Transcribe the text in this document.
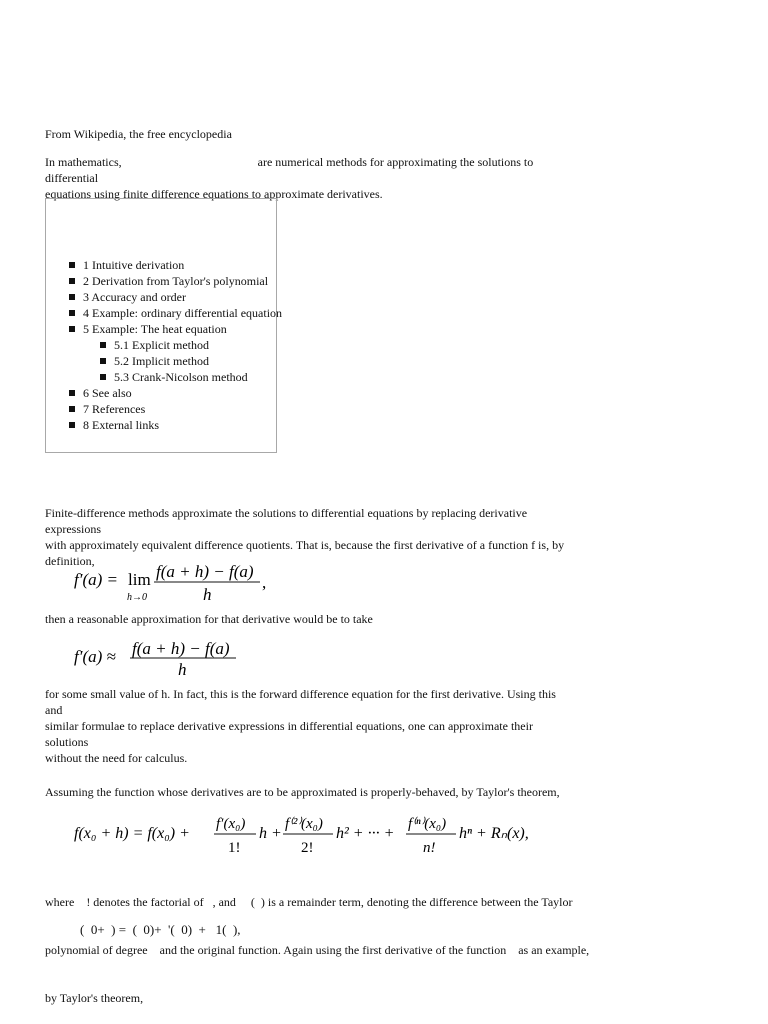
From Wikipedia, the free encyclopedia
In mathematics,	are numerical methods for approximating the solutions to differential
equations using finite difference equations to approximate derivatives.
1 Intuitive derivation
2 Derivation from Taylor's polynomial
3 Accuracy and order
4 Example: ordinary differential equation
5 Example: The heat equation
5.1 Explicit method
5.2 Implicit method
5.3 Crank-Nicolson method
6 See also
7 References
8 External links
Finite-difference methods approximate the solutions to differential equations by replacing derivative expressions
with approximately equivalent difference quotients. That is, because the first derivative of a function f is, by
definition,
f′(a) = lim
h→0
f(a + h) − f(a)
h
,
then a reasonable approximation for that derivative would be to take
f′(a) ≈ f(a + h) − f(a)
h
for some small value of h. In fact, this is the forward difference equation for the first derivative. Using this and
similar formulae to replace derivative expressions in differential equations, one can approximate their solutions
without the need for calculus.
Assuming the function whose derivatives are to be approximated is properly-behaved, by Taylor's theorem,
f(x₀ + h) = f(x₀) +
f′(x₀)
1!
h +
f⁽²⁾(x₀)
2!
h² + ··· +
f⁽ⁿ⁾(x₀)
n!
hⁿ + Rₙ(x),

where    ! denotes the factorial of   , and     (  ) is a remainder term, denoting the difference between the Taylor

polynomial of degree    and the original function. Again using the first derivative of the function    as an example,

by Taylor's theorem,

(  0+  ) =  (  0)+  '(  0)  +   1(  ),
